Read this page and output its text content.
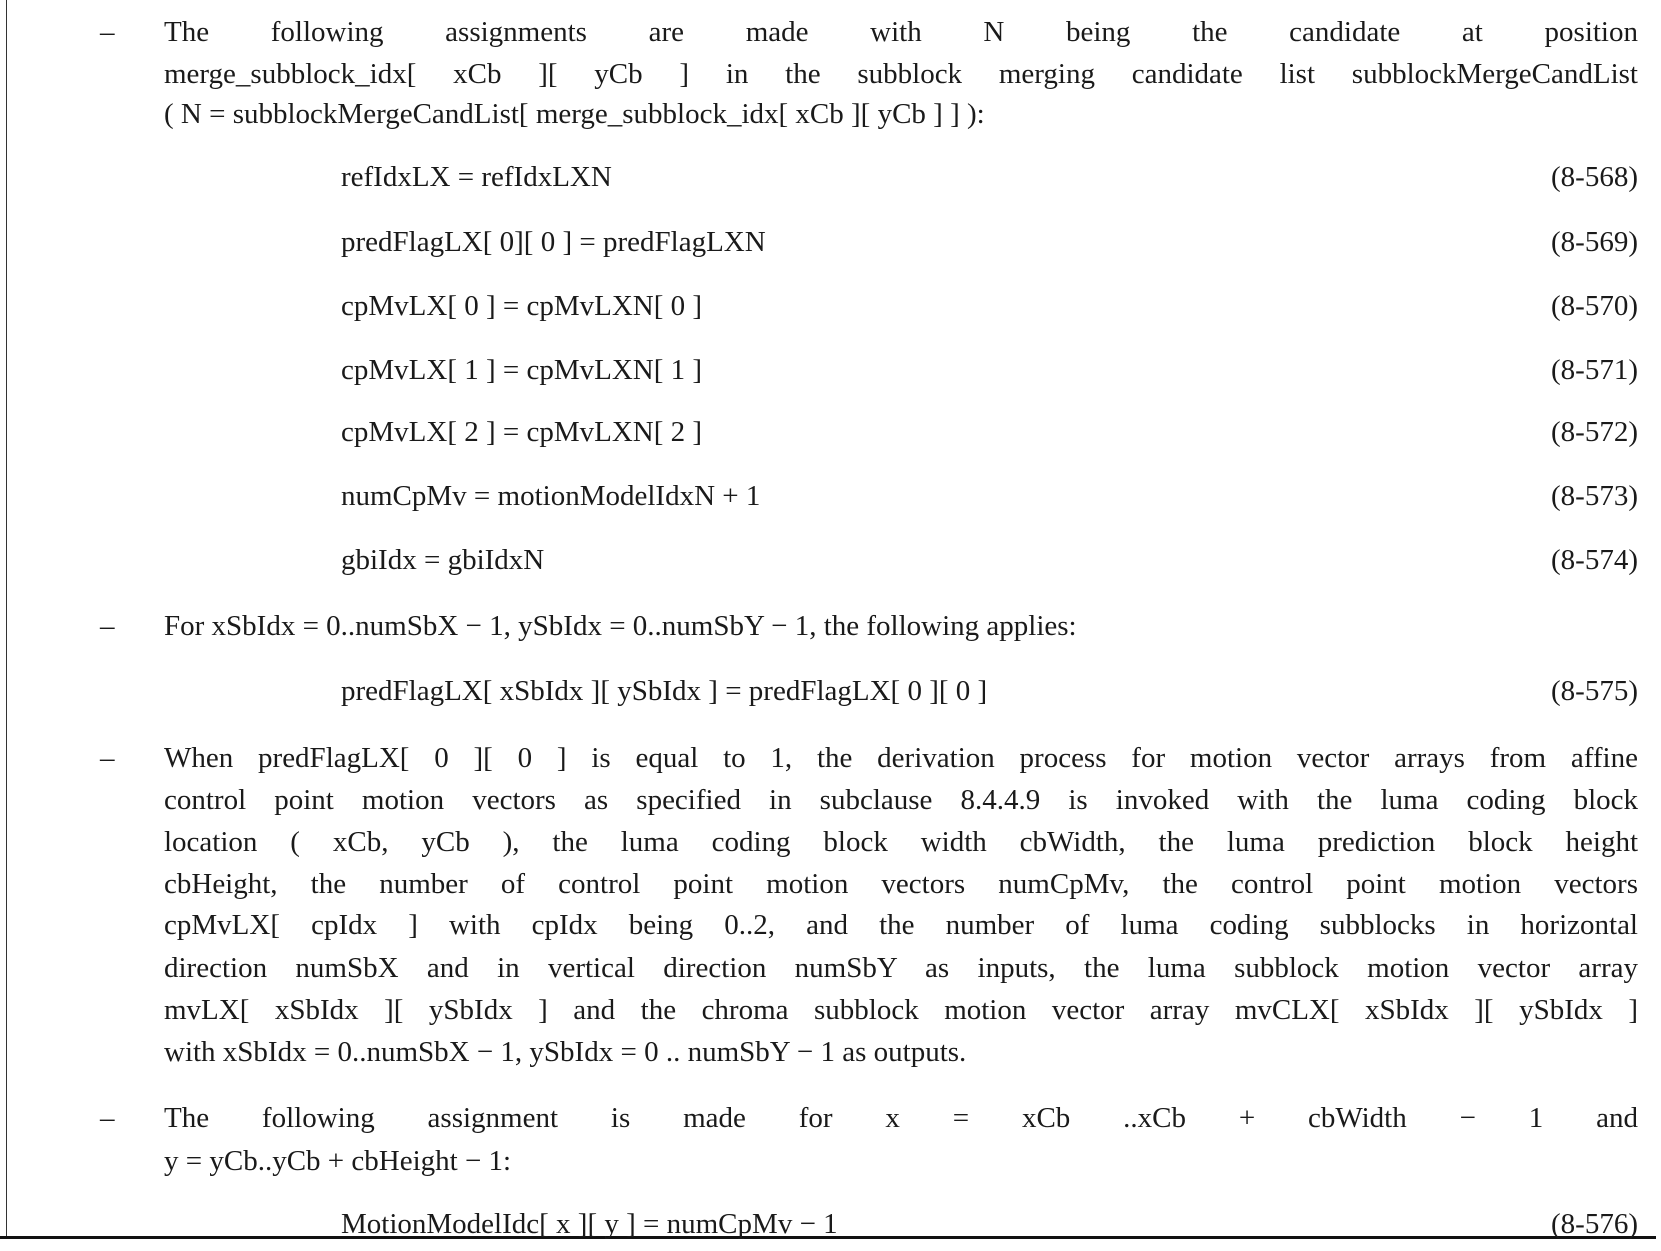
– The following assignments are made with N being the candidate at position
merge_subblock_idx[ xCb ][ yCb ] in the subblock merging candidate list subblockMergeCandList
( N = subblockMergeCandList[ merge_subblock_idx[ xCb ][ yCb ] ] ):
refIdxLX = refIdxLXN	(8-568)
predFlagLX[ 0][ 0 ] = predFlagLXN	(8-569)
cpMvLX[ 0 ] = cpMvLXN[ 0 ]	(8-570)
cpMvLX[ 1 ] = cpMvLXN[ 1 ]	(8-571)
cpMvLX[ 2 ] = cpMvLXN[ 2 ]	(8-572)
numCpMv = motionModelIdxN + 1	(8-573)
gbiIdx = gbiIdxN	(8-574)
– For xSbIdx = 0..numSbX − 1, ySbIdx = 0..numSbY − 1, the following applies:
predFlagLX[ xSbIdx ][ ySbIdx ] = predFlagLX[ 0 ][ 0 ]	(8-575)
– When predFlagLX[ 0 ][ 0 ] is equal to 1, the derivation process for motion vector arrays from affine
control point motion vectors as specified in subclause 8.4.4.9 is invoked with the luma coding block
location ( xCb, yCb ), the luma coding block width cbWidth, the luma prediction block height
cbHeight, the number of control point motion vectors numCpMv, the control point motion vectors
cpMvLX[ cpIdx ] with cpIdx being 0..2, and the number of luma coding subblocks in horizontal
direction numSbX and in vertical direction numSbY as inputs, the luma subblock motion vector array
mvLX[ xSbIdx ][ ySbIdx ] and the chroma subblock motion vector array mvCLX[ xSbIdx ][ ySbIdx ]
with xSbIdx = 0..numSbX − 1, ySbIdx = 0 .. numSbY − 1 as outputs.
– The following assignment is made for x = xCb ..xCb + cbWidth − 1 and
y = yCb..yCb + cbHeight − 1:
MotionModelIdc[ x ][ y ] = numCpMv − 1	(8-576)
